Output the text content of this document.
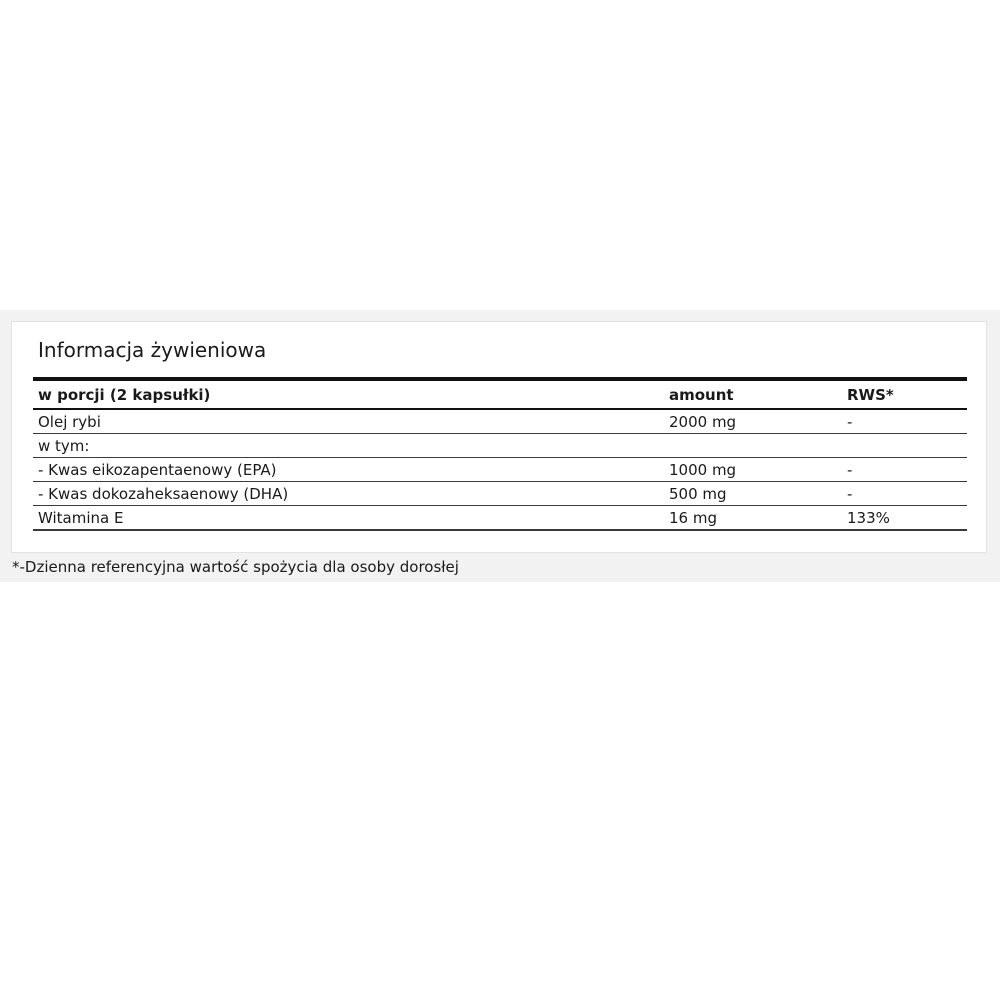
Informacja żywieniowa
w porcji (2 kapsułki)	amount	RWS*
Olej rybi	2000 mg	-
w tym:
- Kwas eikozapentaenowy (EPA)	1000 mg	-
- Kwas dokozaheksaenowy (DHA)	500 mg	-
Witamina E	16 mg	133%
*-Dzienna referencyjna wartość spożycia dla osoby dorosłej
